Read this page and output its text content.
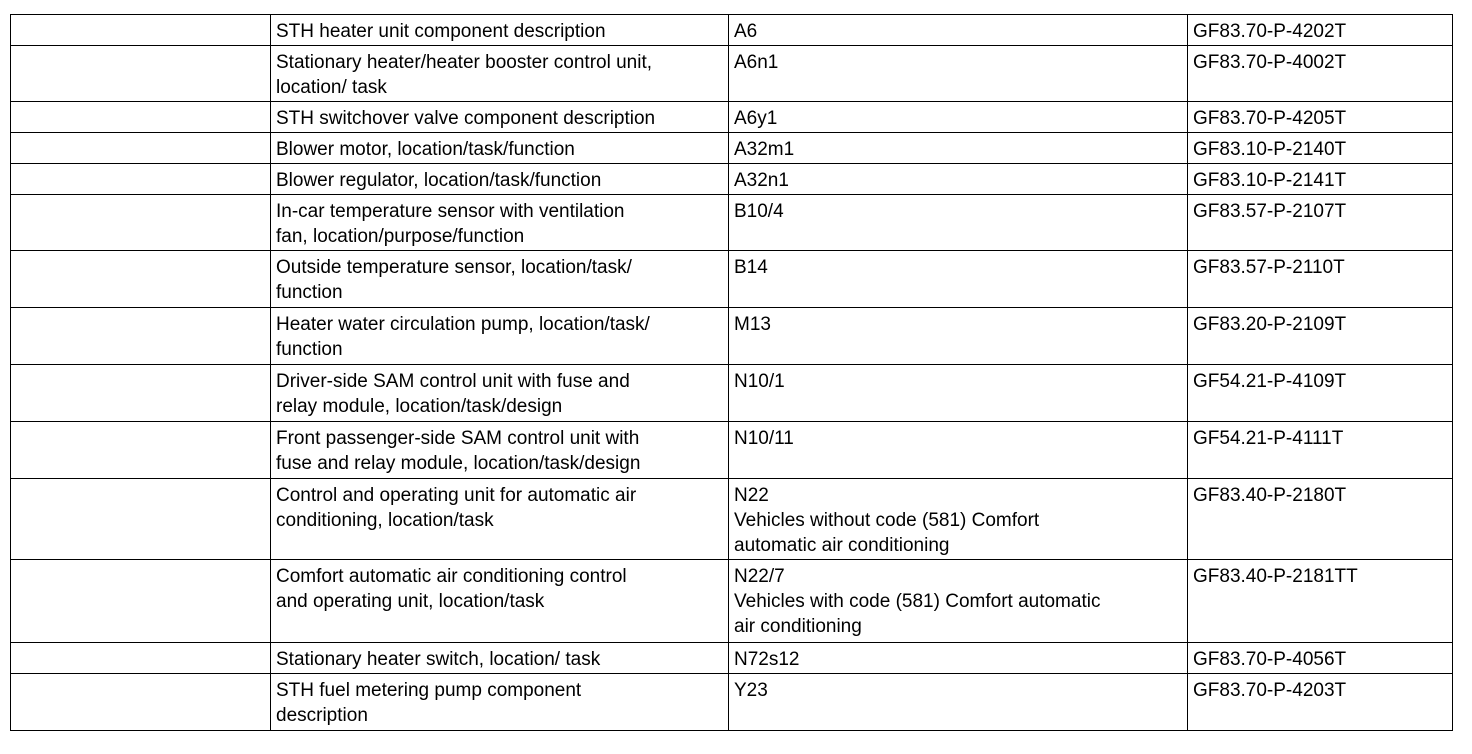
	STH heater unit component description	A6	GF83.70-P-4202T
	Stationary heater/heater booster control unit,
location/ task	A6n1	GF83.70-P-4002T
	STH switchover valve component description	A6y1	GF83.70-P-4205T
	Blower motor, location/task/function	A32m1	GF83.10-P-2140T
	Blower regulator, location/task/function	A32n1	GF83.10-P-2141T
	In-car temperature sensor with ventilation
fan, location/purpose/function	B10/4	GF83.57-P-2107T
	Outside temperature sensor, location/task/
function	B14	GF83.57-P-2110T
	Heater water circulation pump, location/task/
function	M13	GF83.20-P-2109T
	Driver-side SAM control unit with fuse and
relay module, location/task/design	N10/1	GF54.21-P-4109T
	Front passenger-side SAM control unit with
fuse and relay module, location/task/design	N10/11	GF54.21-P-4111T
	Control and operating unit for automatic air
conditioning, location/task	N22
Vehicles without code (581) Comfort
automatic air conditioning	GF83.40-P-2180T
	Comfort automatic air conditioning control
and operating unit, location/task	N22/7
Vehicles with code (581) Comfort automatic
air conditioning	GF83.40-P-2181TT
	Stationary heater switch, location/ task	N72s12	GF83.70-P-4056T
	STH fuel metering pump component
description	Y23	GF83.70-P-4203T
